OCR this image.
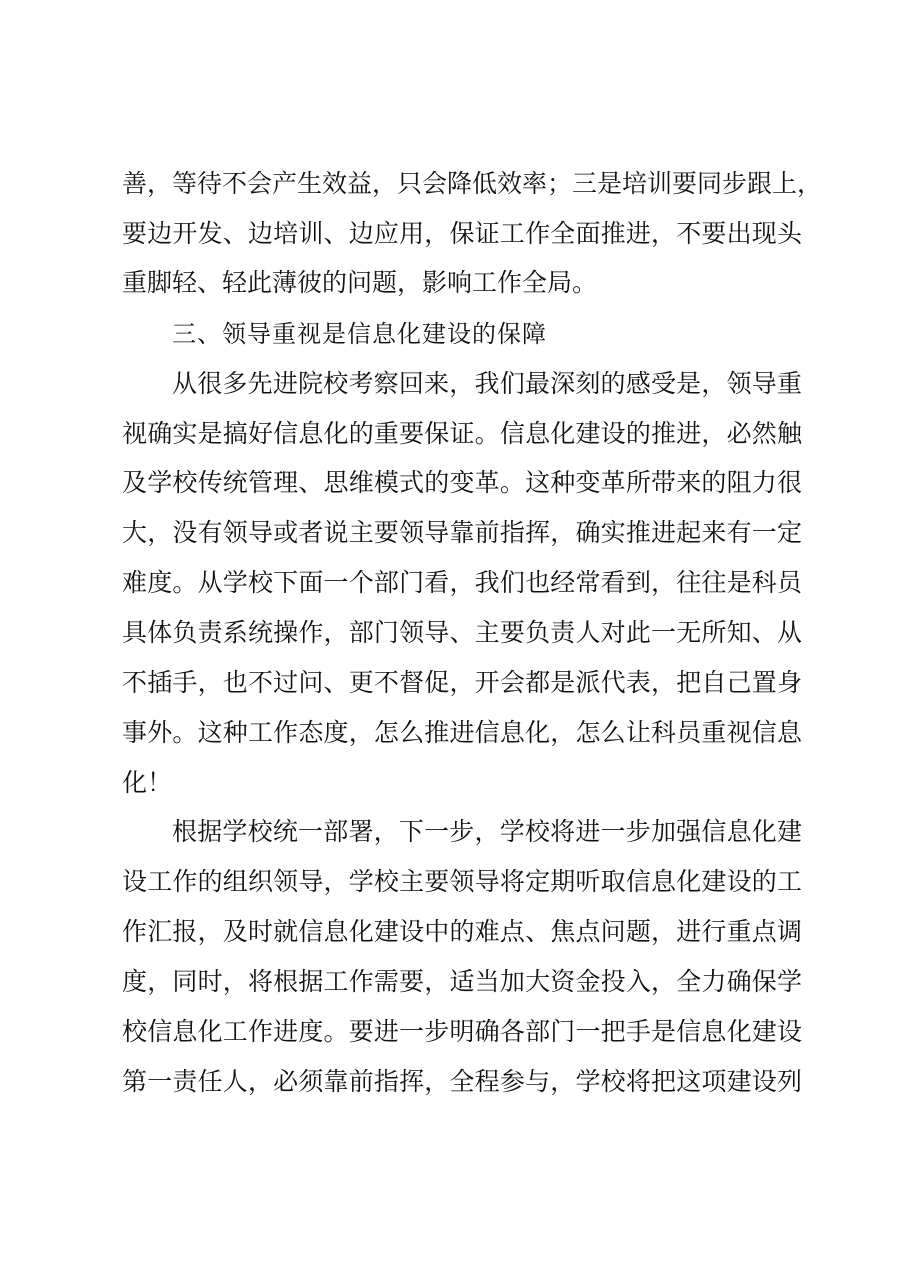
善，等待不会产生效益，只会降低效率；三是培训要同步跟上，
要边开发、边培训、边应用，保证工作全面推进，不要出现头
重脚轻、轻此薄彼的问题，影响工作全局。
三、领导重视是信息化建设的保障
从很多先进院校考察回来，我们最深刻的感受是，领导重
视确实是搞好信息化的重要保证。信息化建设的推进，必然触
及学校传统管理、思维模式的变革。这种变革所带来的阻力很
大，没有领导或者说主要领导靠前指挥，确实推进起来有一定
难度。从学校下面一个部门看，我们也经常看到，往往是科员
具体负责系统操作，部门领导、主要负责人对此一无所知、从
不插手，也不过问、更不督促，开会都是派代表，把自己置身
事外。这种工作态度，怎么推进信息化，怎么让科员重视信息
化！
根据学校统一部署，下一步，学校将进一步加强信息化建
设工作的组织领导，学校主要领导将定期听取信息化建设的工
作汇报，及时就信息化建设中的难点、焦点问题，进行重点调
度，同时，将根据工作需要，适当加大资金投入，全力确保学
校信息化工作进度。要进一步明确各部门一把手是信息化建设
第一责任人，必须靠前指挥，全程参与，学校将把这项建设列
